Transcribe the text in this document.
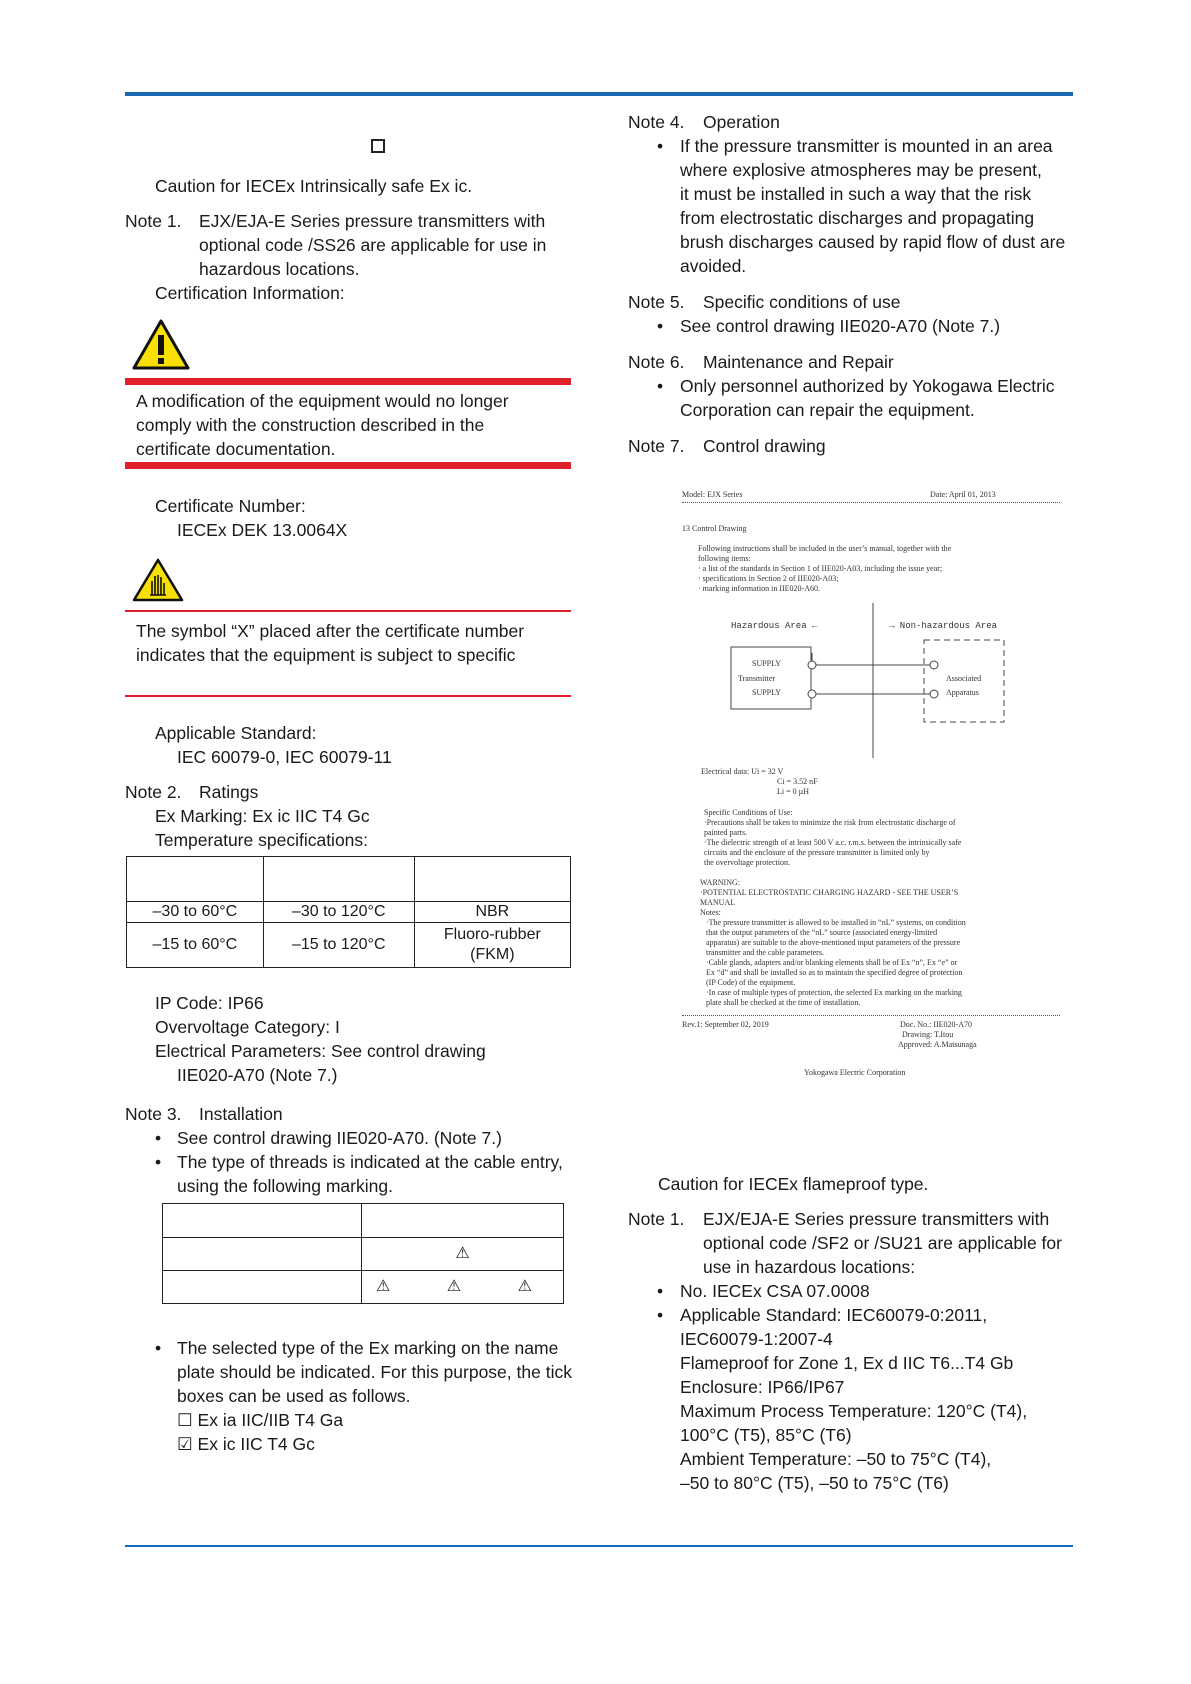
Caution for IECEx Intrinsically safe Ex ic.
Note 1. EJX/EJA-E Series pressure transmitters with
optional code /SS26 are applicable for use in
hazardous locations.
Certification Information:
A modification of the equipment would no longer
comply with the construction described in the
certificate documentation.
Certificate Number:
IECEx DEK 13.0064X
The symbol “X” placed after the certificate number
indicates that the equipment is subject to specific
Applicable Standard:
IEC 60079-0, IEC 60079-11
Note 2. Ratings
Ex Marking: Ex ic IIC T4 Gc
Temperature specifications:

–30 to 60°C	–30 to 120°C	NBR
–15 to 60°C	–15 to 120°C	Fluoro-rubber
(FKM)
IP Code: IP66
Overvoltage Category: I
Electrical Parameters: See control drawing
IIE020-A70 (Note 7.)
Note 3. Installation
• See control drawing IIE020-A70. (Note 7.)
• The type of threads is indicated at the cable entry,
using the following marking.

	⚠
	⚠ ⚠ ⚠
• The selected type of the Ex marking on the name
plate should be indicated. For this purpose, the tick
boxes can be used as follows.
☐ Ex ia IIC/IIB T4 Ga
☑ Ex ic IIC T4 Gc
Note 4. Operation
• If the pressure transmitter is mounted in an area
where explosive atmospheres may be present,
it must be installed in such a way that the risk
from electrostatic discharges and propagating
brush discharges caused by rapid flow of dust are
avoided.
Note 5. Specific conditions of use
• See control drawing IIE020-A70 (Note 7.)
Note 6. Maintenance and Repair
• Only personnel authorized by Yokogawa Electric
Corporation can repair the equipment.
Note 7. Control drawing
Model: EJX Series	Date: April 01, 2013
13 Control Drawing
Following instructions shall be included in the user’s manual, together with the
following items:
· a list of the standards in Section 1 of IIE020-A03, including the issue year;
· specifications in Section 2 of IIE020-A03;
· marking information in IIE020-A60.
Hazardous Area ←	→ Non-hazardous Area
SUPPLY
Transmitter
SUPPLY
Associated
Apparatus
Electrical data: Ui = 32 V
Ci = 3.52 nF
Li = 0 µH
Specific Conditions of Use:
·Precautions shall be taken to minimize the risk from electrostatic discharge of
painted parts.
·The dielectric strength of at least 500 V a.c. r.m.s. between the intrinsically safe
circuits and the enclosure of the pressure transmitter is limited only by
the overvoltage protection.
WARNING:
·POTENTIAL ELECTROSTATIC CHARGING HAZARD - SEE THE USER’S
MANUAL
Notes:
·The pressure transmitter is allowed to be installed in “nL” systems, on condition
that the output parameters of the “nL” source (associated energy-limited
apparatus) are suitable to the above-mentioned input parameters of the pressure
transmitter and the cable parameters.
·Cable glands, adapters and/or blanking elements shall be of Ex “n”, Ex “e” or
Ex “d” and shall be installed so as to maintain the specified degree of protection
(IP Code) of the equipment.
·In case of multiple types of protection, the selected Ex marking on the marking
plate shall be checked at the time of installation.
Rev.1: September 02, 2019	Doc. No.: IIE020-A70
Drawing: T.Itou
Approved: A.Matsunaga
Yokogawa Electric Corporation
Caution for IECEx flameproof type.
Note 1. EJX/EJA-E Series pressure transmitters with
optional code /SF2 or /SU21 are applicable for
use in hazardous locations:
• No. IECEx CSA 07.0008
• Applicable Standard: IEC60079-0:2011,
IEC60079-1:2007-4
Flameproof for Zone 1, Ex d IIC T6...T4 Gb
Enclosure: IP66/IP67
Maximum Process Temperature: 120°C (T4),
100°C (T5), 85°C (T6)
Ambient Temperature: –50 to 75°C (T4),
–50 to 80°C (T5), –50 to 75°C (T6)
